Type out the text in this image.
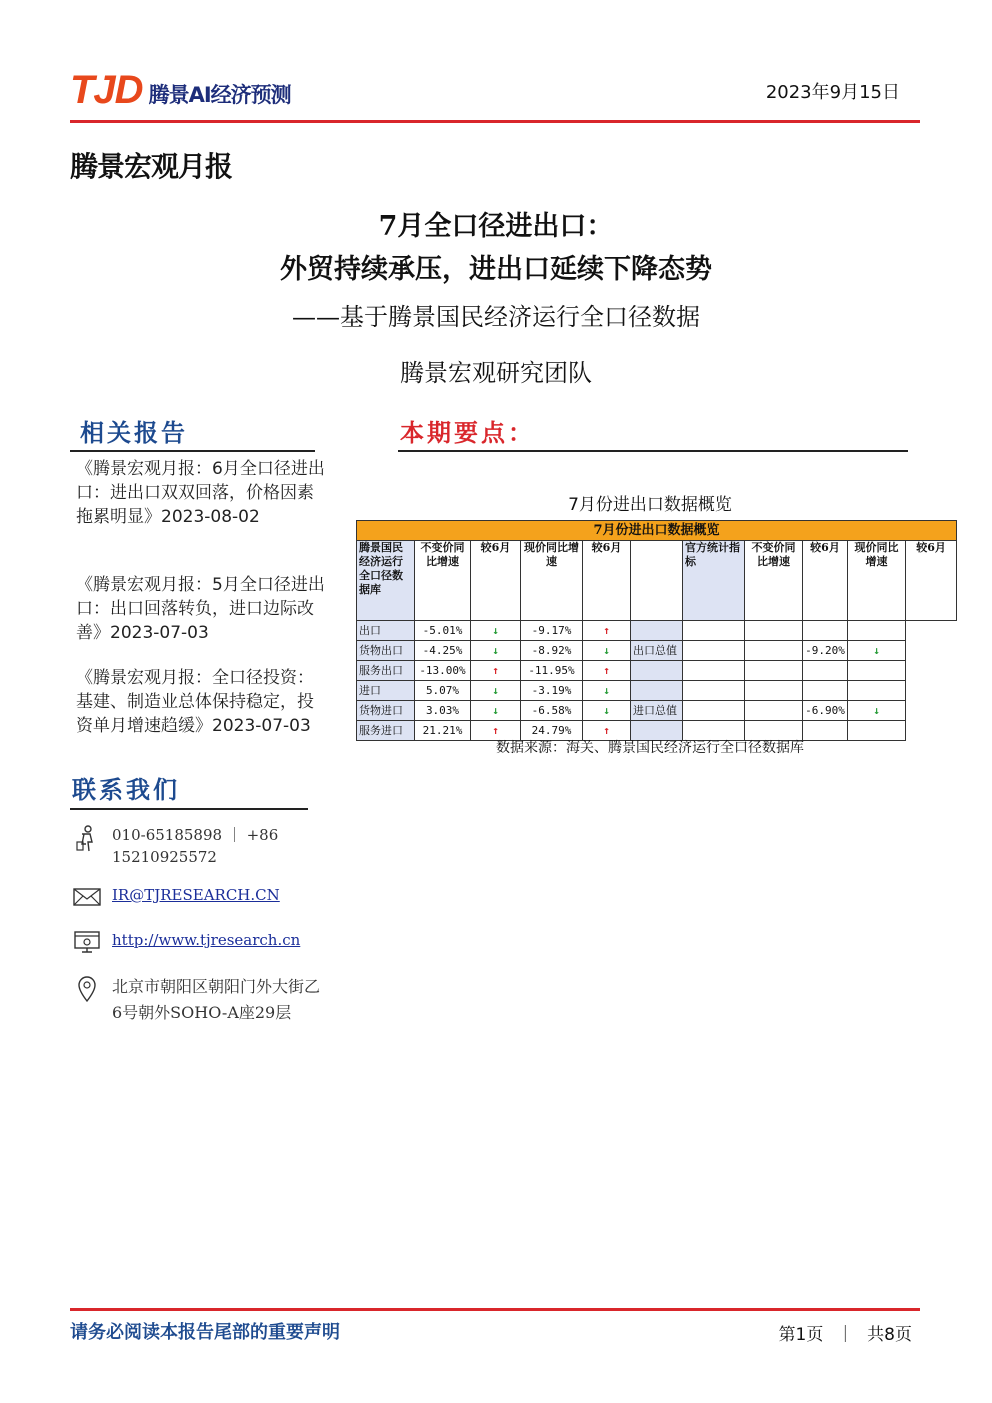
TJD 腾景AI经济预测	2023年9月15日
腾景宏观月报
7月全口径进出口：
外贸持续承压，进出口延续下降态势
——基于腾景国民经济运行全口径数据
腾景宏观研究团队
相关报告
《腾景宏观月报：6月全口径进出口：进出口双双回落，价格因素拖累明显》2023-08-02
《腾景宏观月报：5月全口径进出口：出口回落转负，进口边际改善》2023-07-03
《腾景宏观月报：全口径投资：基建、制造业总体保持稳定，投资单月增速趋缓》2023-07-03
联系我们
010-65185898 ｜ +86
15210925572
IR@TJRESEARCH.CN
http://www.tjresearch.cn
北京市朝阳区朝阳门外大街乙
6号朝外SOHO-A座29层
本期要点：
7月份进出口数据概览
7月份进出口数据概览										
腾景国民经济运行全口径数据库	不变价同比增速	较6月	现价同比增速	较6月		官方统计指标	不变价同比增速	较6月	现价同比增速	较6月
出口	-5.01%	↓	-9.17%	↑						
货物出口	-4.25%	↓	-8.92%	↓	出口总值			-9.20%	↓	
服务出口	-13.00%	↑	-11.95%	↑						
进口	5.07%	↓	-3.19%	↓						
货物进口	3.03%	↓	-6.58%	↓	进口总值			-6.90%	↓	
服务进口	21.21%	↑	24.79%	↑						
数据来源：海关、腾景国民经济运行全口径数据库
请务必阅读本报告尾部的重要声明	第1页 ｜ 共8页
